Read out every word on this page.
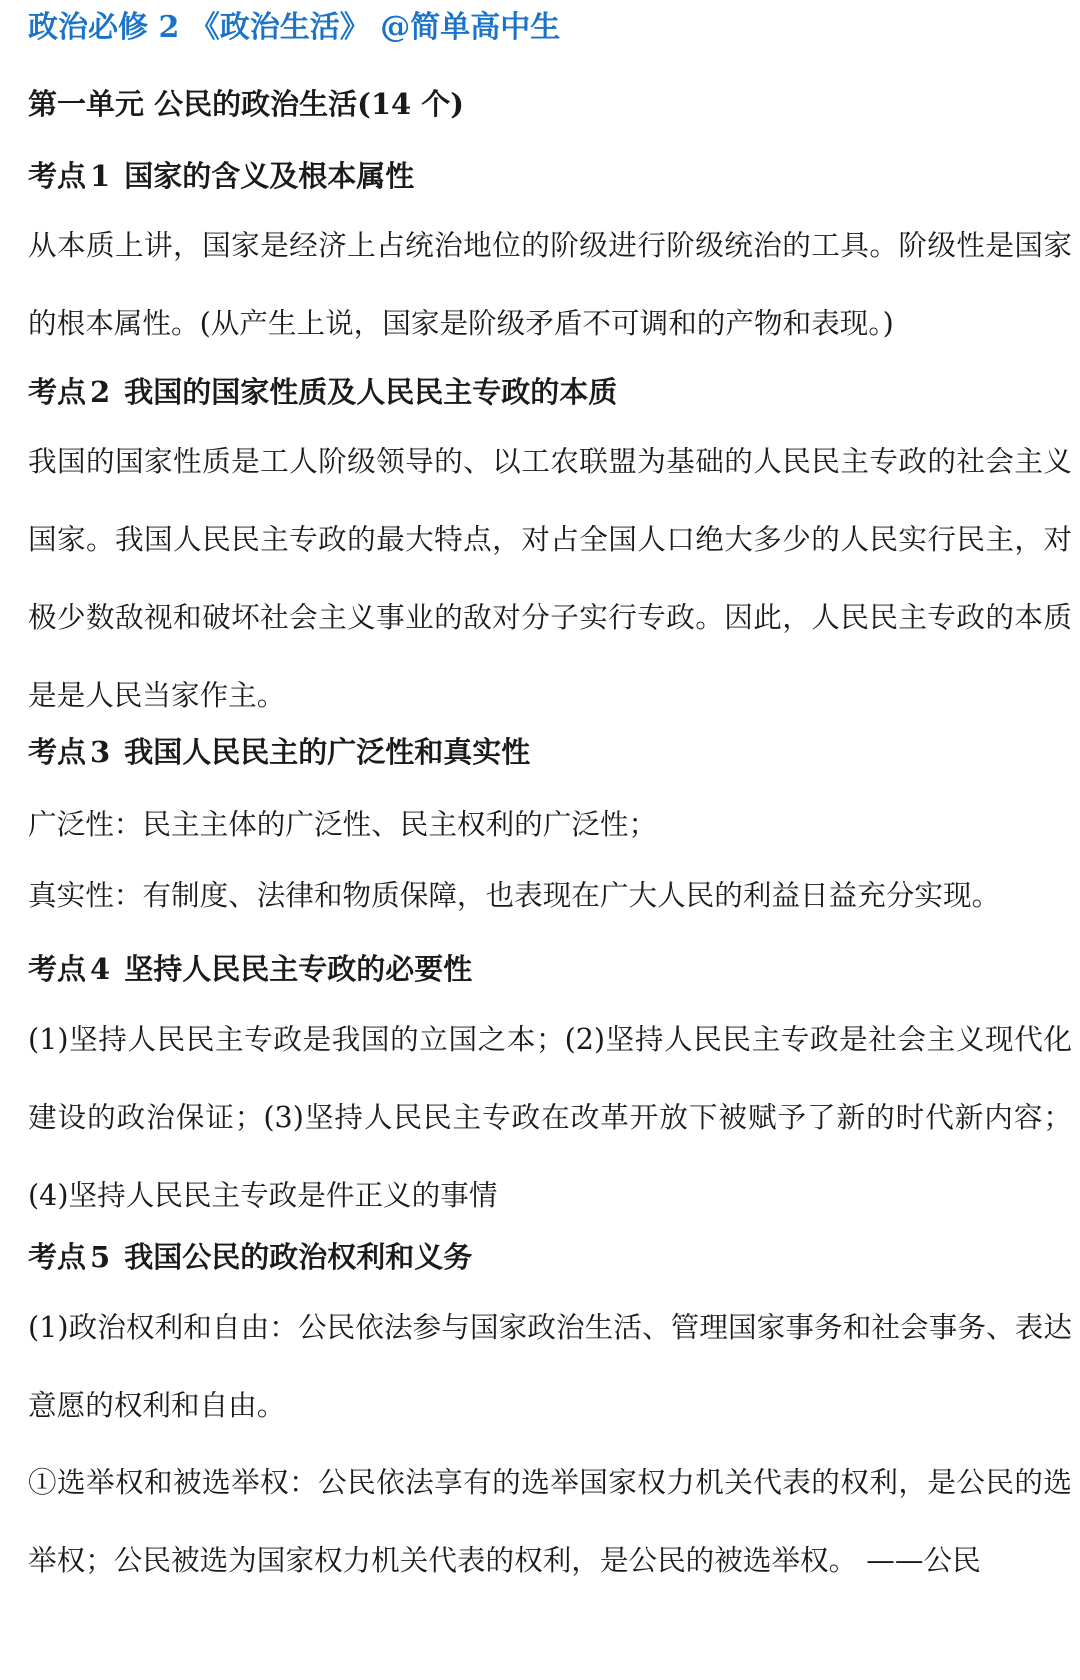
政治必修 2 《政治生活》 @简单高中生
第一单元 公民的政治生活(14 个)
考点 1 国家的含义及根本属性
从本质上讲，国家是经济上占统治地位的阶级进行阶级统治的工具。阶级性是国家的根本属性。(从产生上说，国家是阶级矛盾不可调和的产物和表现。)
考点 2 我国的国家性质及人民民主专政的本质
我国的国家性质是工人阶级领导的、以工农联盟为基础的人民民主专政的社会主义国家。我国人民民主专政的最大特点，对占全国人口绝大多少的人民实行民主，对极少数敌视和破坏社会主义事业的敌对分子实行专政。因此，人民民主专政的本质是是人民当家作主。
考点 3 我国人民民主的广泛性和真实性
广泛性：民主主体的广泛性、民主权利的广泛性；
真实性：有制度、法律和物质保障，也表现在广大人民的利益日益充分实现。
考点 4 坚持人民民主专政的必要性
(1)坚持人民民主专政是我国的立国之本；(2)坚持人民民主专政是社会主义现代化建设的政治保证；(3)坚持人民民主专政在改革开放下被赋予了新的时代新内容；(4)坚持人民民主专政是件正义的事情
考点 5 我国公民的政治权利和义务
(1)政治权利和自由：公民依法参与国家政治生活、管理国家事务和社会事务、表达意愿的权利和自由。
①选举权和被选举权：公民依法享有的选举国家权力机关代表的权利，是公民的选举权；公民被选为国家权力机关代表的权利，是公民的被选举权。 ——公民
